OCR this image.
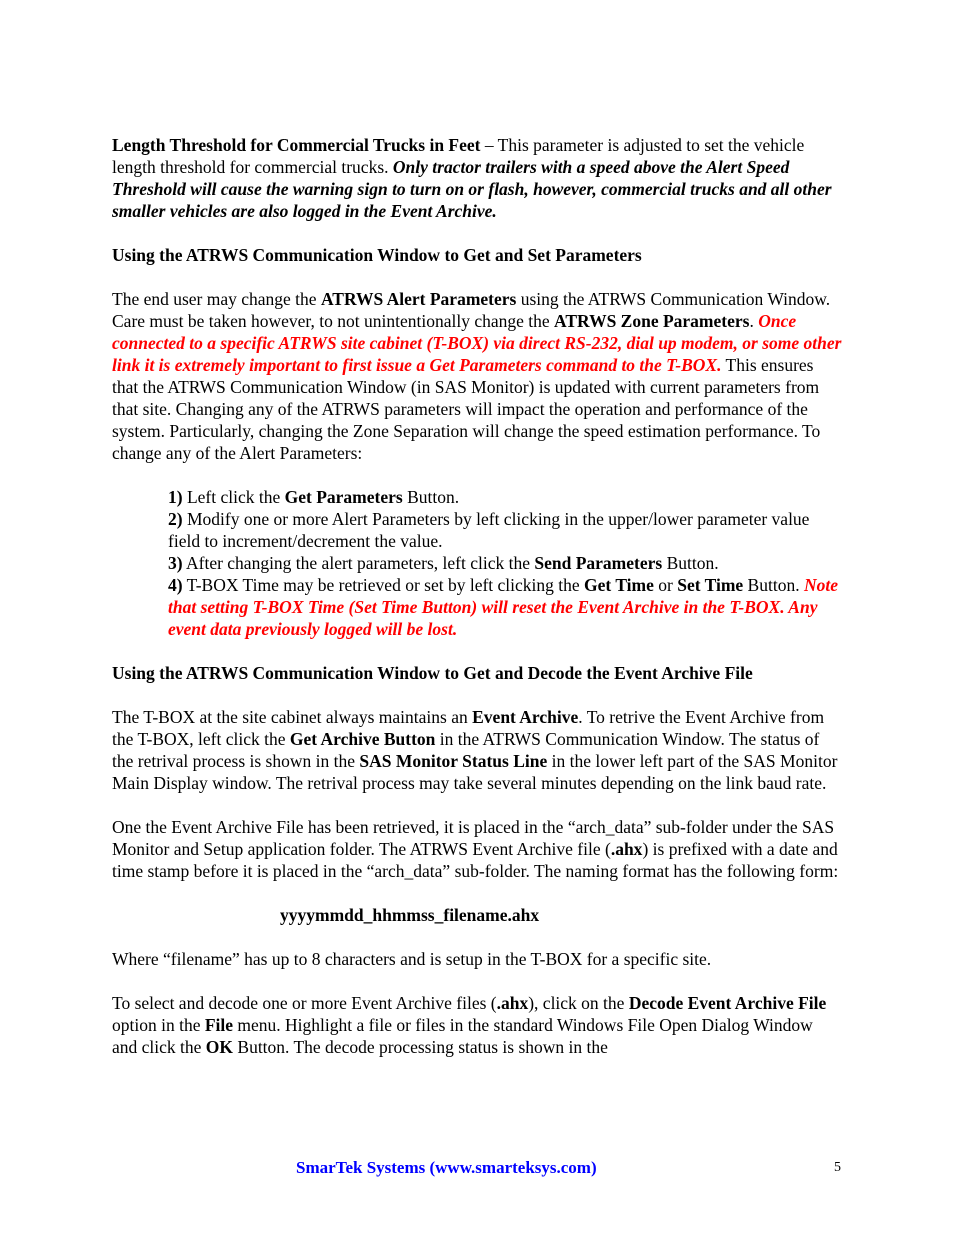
Length Threshold for Commercial Trucks in Feet – This parameter is adjusted to set the vehicle length threshold for commercial trucks. Only tractor trailers with a speed above the Alert Speed Threshold will cause the warning sign to turn on or flash, however, commercial trucks and all other smaller vehicles are also logged in the Event Archive.

Using the ATRWS Communication Window to Get and Set Parameters

The end user may change the ATRWS Alert Parameters using the ATRWS Communication Window. Care must be taken however, to not unintentionally change the ATRWS Zone Parameters. Once connected to a specific ATRWS site cabinet (T-BOX) via direct RS-232, dial up modem, or some other link it is extremely important to first issue a Get Parameters command to the T-BOX. This ensures that the ATRWS Communication Window (in SAS Monitor) is updated with current parameters from that site. Changing any of the ATRWS parameters will impact the operation and performance of the system. Particularly, changing the Zone Separation will change the speed estimation performance. To change any of the Alert Parameters:

1) Left click the Get Parameters Button.

2) Modify one or more Alert Parameters by left clicking in the upper/lower parameter value field to increment/decrement the value.

3) After changing the alert parameters, left click the Send Parameters Button.

4) T-BOX Time may be retrieved or set by left clicking the Get Time or Set Time Button. Note that setting T-BOX Time (Set Time Button) will reset the Event Archive in the T-BOX. Any event data previously logged will be lost.

Using the ATRWS Communication Window to Get and Decode the Event Archive File

The T-BOX at the site cabinet always maintains an Event Archive. To retrive the Event Archive from the T-BOX, left click the Get Archive Button in the ATRWS Communication Window. The status of the retrival process is shown in the SAS Monitor Status Line in the lower left part of the SAS Monitor Main Display window. The retrival process may take several minutes depending on the link baud rate.

One the Event Archive File has been retrieved, it is placed in the “arch_data” sub-folder under the SAS Monitor and Setup application folder. The ATRWS Event Archive file (.ahx) is prefixed with a date and time stamp before it is placed in the “arch_data” sub-folder. The naming format has the following form:

yyyymmdd_hhmmss_filename.ahx

Where “filename” has up to 8 characters and is setup in the T-BOX for a specific site.

To select and decode one or more Event Archive files (.ahx), click on the Decode Event Archive File option in the File menu. Highlight a file or files in the standard Windows File Open Dialog Window and click the OK Button. The decode processing status is shown in the

SmarTek Systems (www.smarteksys.com)	5
